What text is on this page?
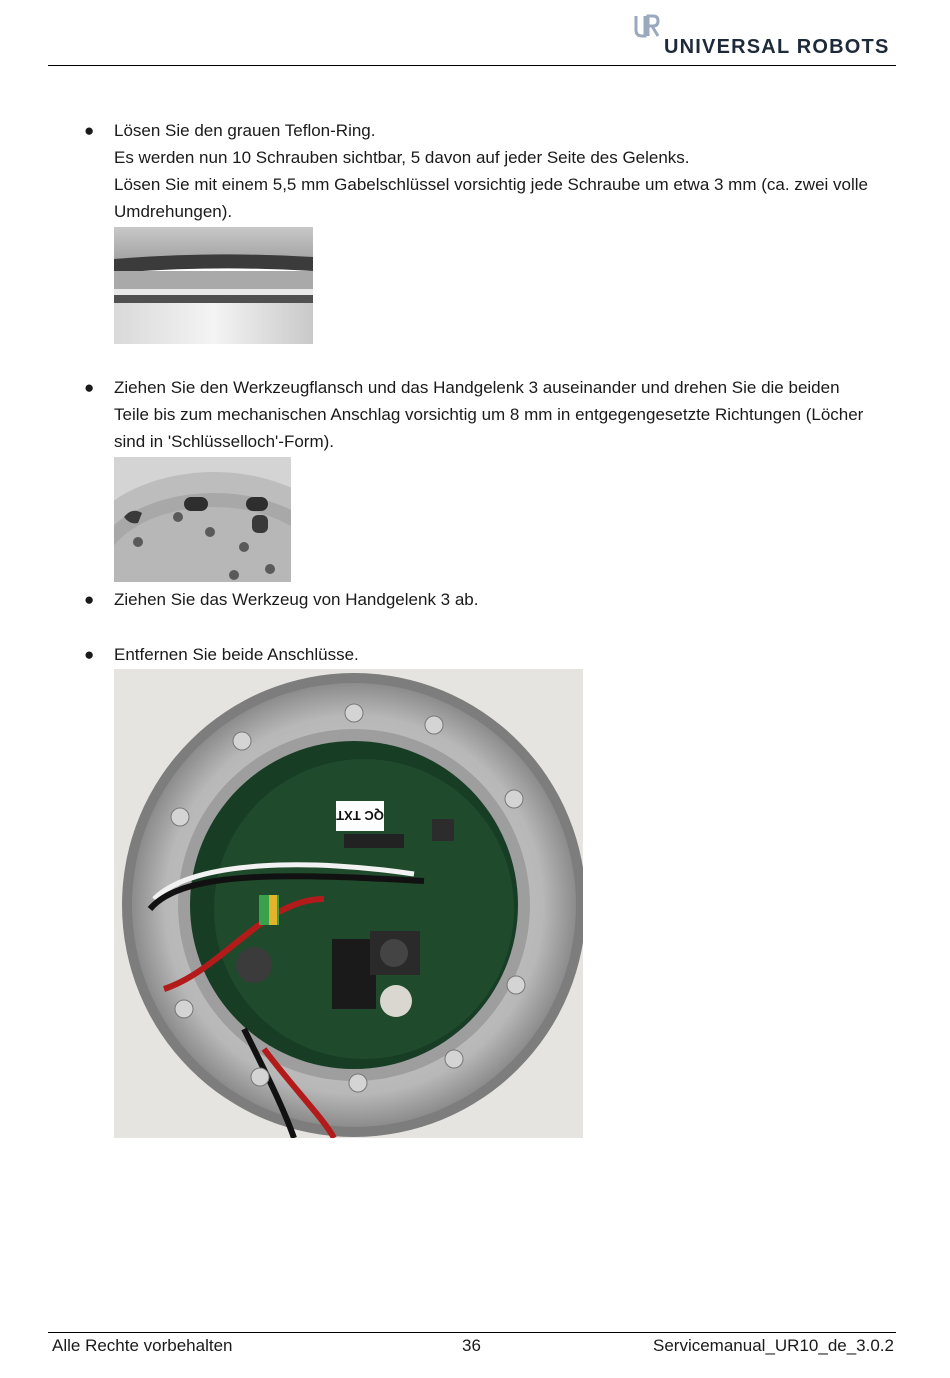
UNIVERSAL ROBOTS
● Lösen Sie den grauen Teflon-Ring.

Es werden nun 10 Schrauben sichtbar, 5 davon auf jeder Seite des Gelenks.

Lösen Sie mit einem 5,5 mm Gabelschlüssel vorsichtig jede Schraube um etwa 3 mm (ca. zwei volle

Umdrehungen).

● Ziehen Sie den Werkzeugflansch und das Handgelenk 3 auseinander und drehen Sie die beiden

Teile bis zum mechanischen Anschlag vorsichtig um 8 mm in entgegengesetzte Richtungen (Löcher

sind in 'Schlüsselloch'-Form).

● Ziehen Sie das Werkzeug von Handgelenk 3 ab.

● Entfernen Sie beide Anschlüsse.

QC TXT
Alle Rechte vorbehalten	36	Servicemanual_UR10_de_3.0.2
